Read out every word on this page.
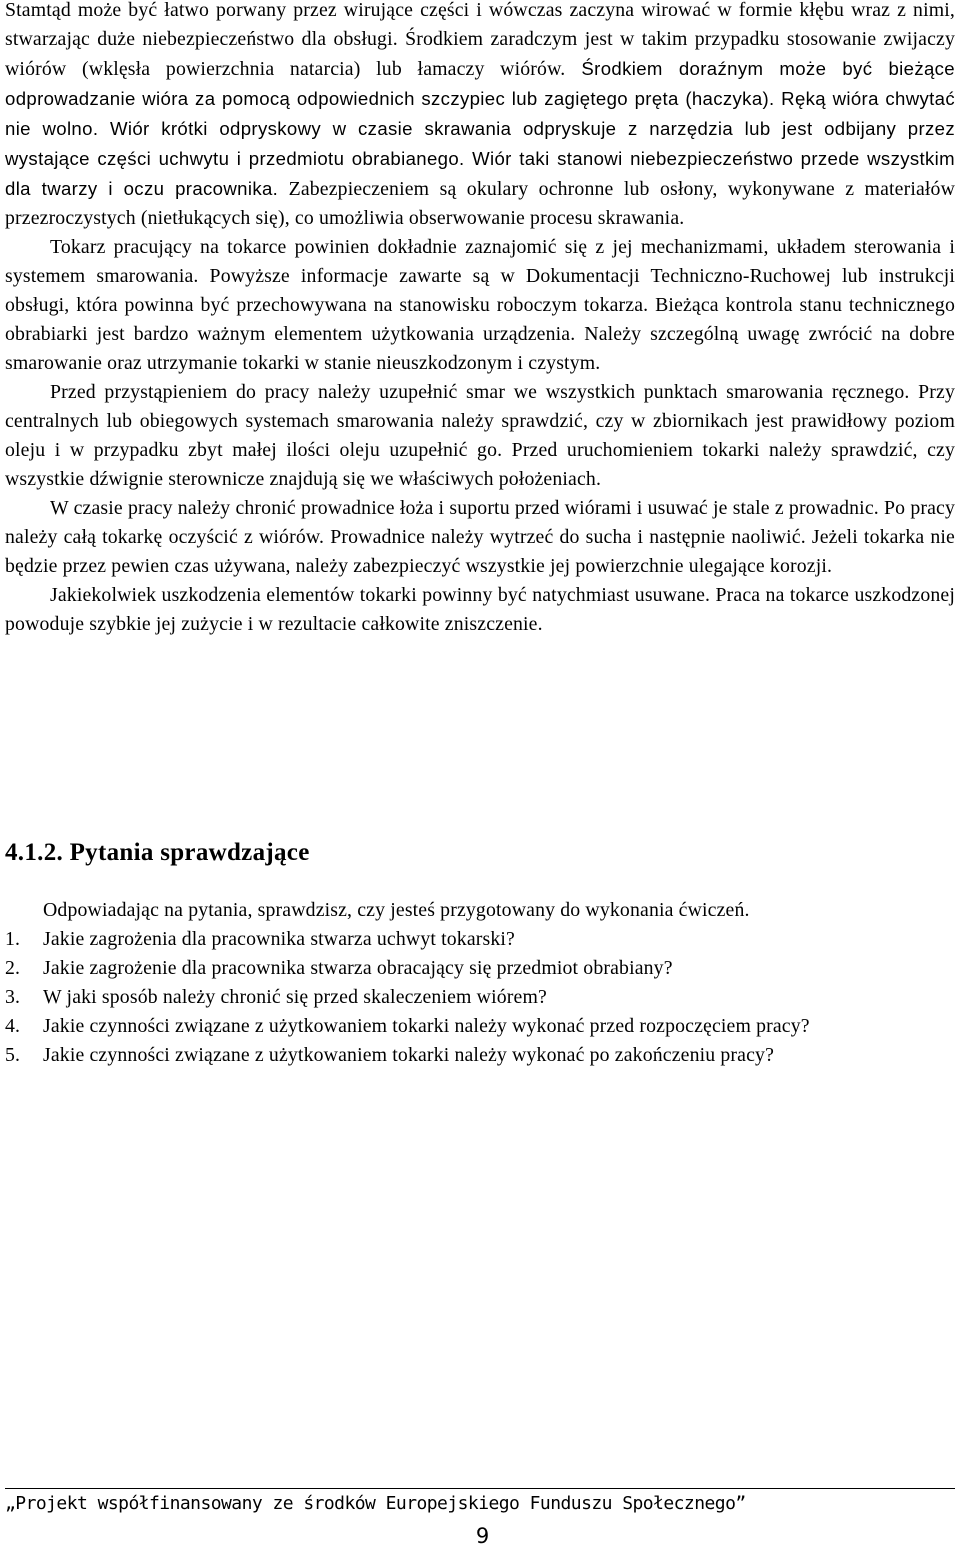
Stamtąd może być łatwo porwany przez wirujące części i wówczas zaczyna wirować w formie kłębu wraz z nimi, stwarzając duże niebezpieczeństwo dla obsługi. Środkiem zaradczym jest w takim przypadku stosowanie zwijaczy wiórów (wklęsła powierzchnia natarcia) lub łamaczy wiórów. Środkiem doraźnym może być bieżące odprowadzanie wióra za pomocą odpowiednich szczypiec lub zagiętego pręta (haczyka). Ręką wióra chwytać nie wolno. Wiór krótki odpryskowy w czasie skrawania odpryskuje z narzędzia lub jest odbijany przez wystające części uchwytu i przedmiotu obrabianego. Wiór taki stanowi niebezpieczeństwo przede wszystkim dla twarzy i oczu pracownika. Zabezpieczeniem są okulary ochronne lub osłony, wykonywane z materiałów przezroczystych (nietłukących się), co umożliwia obserwowanie procesu skrawania.

Tokarz pracujący na tokarce powinien dokładnie zaznajomić się z jej mechanizmami, układem sterowania i systemem smarowania. Powyższe informacje zawarte są w Dokumentacji Techniczno-Ruchowej lub instrukcji obsługi, która powinna być przechowywana na stanowisku roboczym tokarza. Bieżąca kontrola stanu technicznego obrabiarki jest bardzo ważnym elementem użytkowania urządzenia. Należy szczególną uwagę zwrócić na dobre smarowanie oraz utrzymanie tokarki w stanie nieuszkodzonym i czystym.

Przed przystąpieniem do pracy należy uzupełnić smar we wszystkich punktach smarowania ręcznego. Przy centralnych lub obiegowych systemach smarowania należy sprawdzić, czy w zbiornikach jest prawidłowy poziom oleju i w przypadku zbyt małej ilości oleju uzupełnić go. Przed uruchomieniem tokarki należy sprawdzić, czy wszystkie dźwignie sterownicze znajdują się we właściwych położeniach.

W czasie pracy należy chronić prowadnice łoża i suportu przed wiórami i usuwać je stale z prowadnic. Po pracy należy całą tokarkę oczyścić z wiórów. Prowadnice należy wytrzeć do sucha i następnie naoliwić. Jeżeli tokarka nie będzie przez pewien czas używana, należy zabezpieczyć wszystkie jej powierzchnie ulegające korozji.

Jakiekolwiek uszkodzenia elementów tokarki powinny być natychmiast usuwane. Praca na tokarce uszkodzonej powoduje szybkie jej zużycie i w rezultacie całkowite zniszczenie.

4.1.2. Pytania sprawdzające

Odpowiadając na pytania, sprawdzisz, czy jesteś przygotowany do wykonania ćwiczeń.

1.	Jakie zagrożenia dla pracownika stwarza uchwyt tokarski?
2.	Jakie zagrożenie dla pracownika stwarza obracający się przedmiot obrabiany?
3.	W jaki sposób należy chronić się przed skaleczeniem wiórem?
4.	Jakie czynności związane z użytkowaniem tokarki należy wykonać przed rozpoczęciem pracy?
5.	Jakie czynności związane z użytkowaniem tokarki należy wykonać po zakończeniu pracy?
„Projekt współfinansowany ze środków Europejskiego Funduszu Społecznego”
9
